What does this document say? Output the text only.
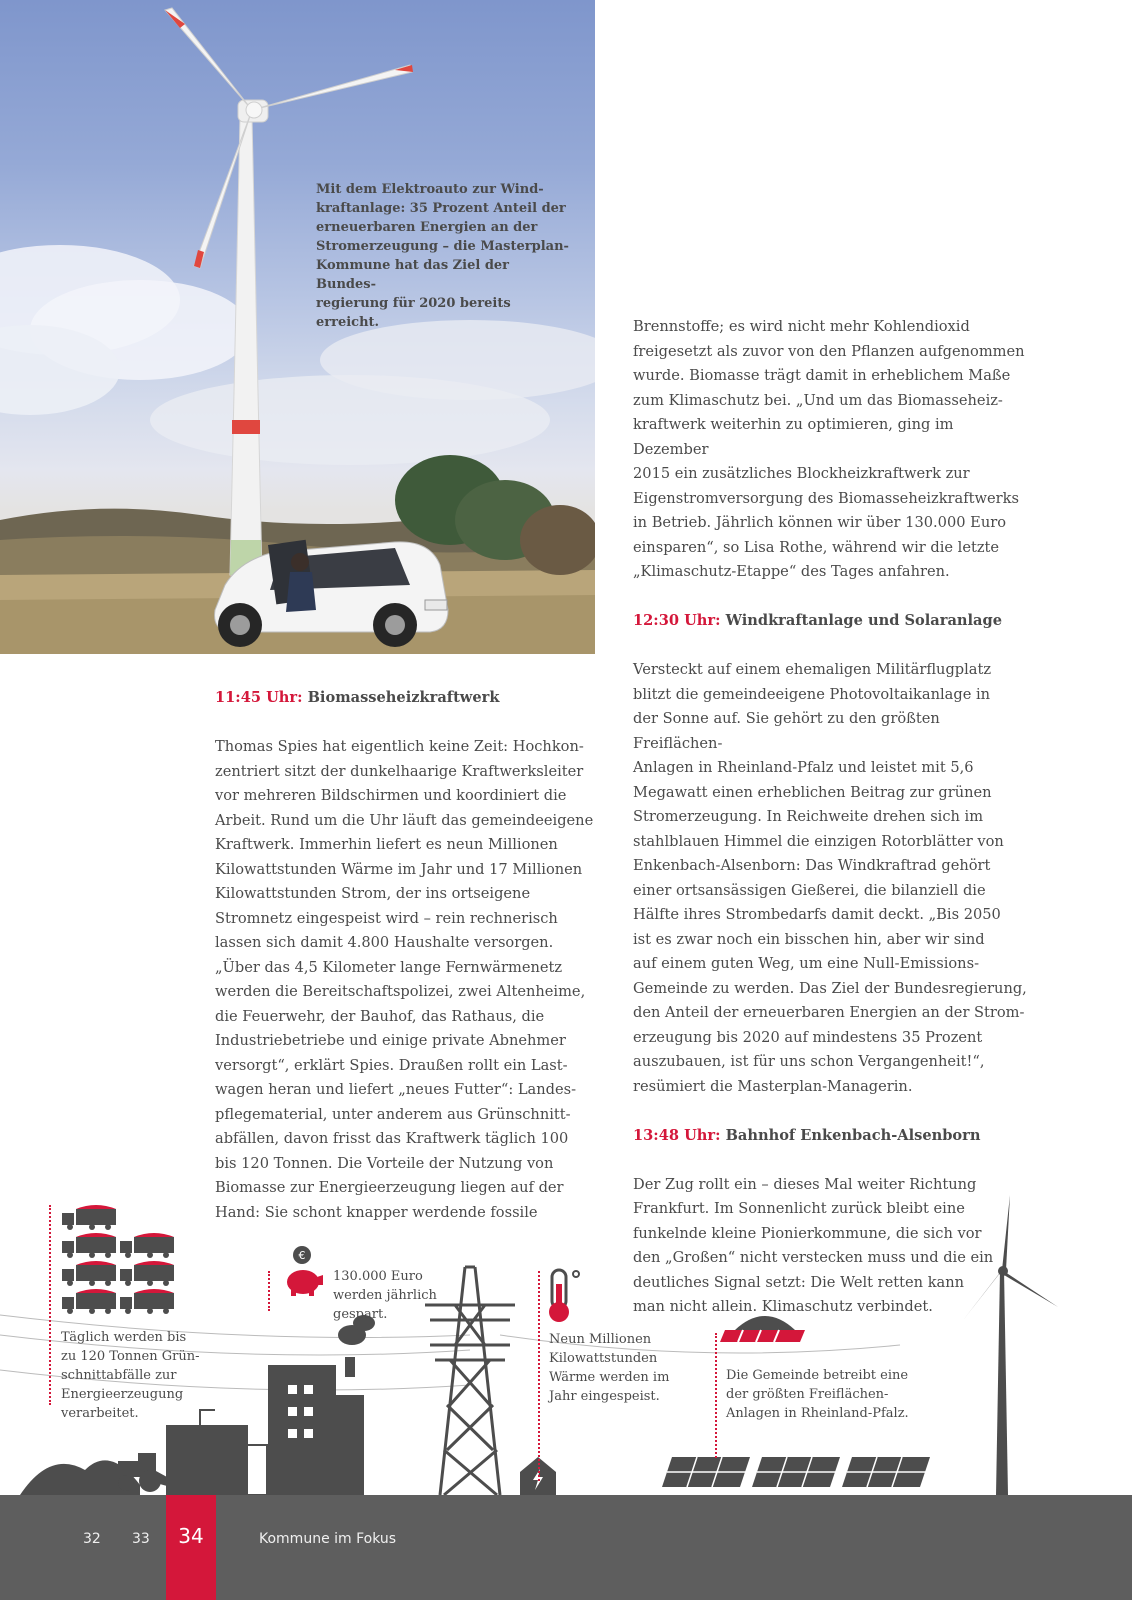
Mit dem Elektroauto zur Wind-
kraftanlage: 35 Prozent Anteil der
erneuerbaren Energien an der
Stromerzeugung – die Masterplan-
Kommune hat das Ziel der Bundes-
regierung für 2020 bereits erreicht.

11:45 Uhr: Biomasseheizkraftwerk

Thomas Spies hat eigentlich keine Zeit: Hochkon-
zentriert sitzt der dunkelhaarige Kraftwerksleiter
vor mehreren Bildschirmen und koordiniert die
Arbeit. Rund um die Uhr läuft das gemeindeeigene
Kraftwerk. Immerhin liefert es neun Millionen
Kilowattstunden Wärme im Jahr und 17 Millionen
Kilowattstunden Strom, der ins ortseigene
Stromnetz eingespeist wird – rein rechnerisch
lassen sich damit 4.800 Haushalte versorgen.
„Über das 4,5 Kilometer lange Fernwärmenetz
werden die Bereitschaftspolizei, zwei Altenheime,
die Feuerwehr, der Bauhof, das Rathaus, die
Industriebetriebe und einige private Abnehmer
versorgt“, erklärt Spies. Draußen rollt ein Last-
wagen heran und liefert „neues Futter“: Landes-
pflegematerial, unter anderem aus Grünschnitt-
abfällen, davon frisst das Kraftwerk täglich 100
bis 120 Tonnen. Die Vorteile der Nutzung von
Biomasse zur Energieerzeugung liegen auf der
Hand: Sie schont knapper werdende fossile

Brennstoffe; es wird nicht mehr Kohlendioxid
freigesetzt als zuvor von den Pflanzen aufgenommen
wurde. Biomasse trägt damit in erheblichem Maße
zum Klimaschutz bei. „Und um das Biomasseheiz-
kraftwerk weiterhin zu optimieren, ging im Dezember
2015 ein zusätzliches Blockheizkraftwerk zur
Eigenstromversorgung des Biomasseheizkraftwerks
in Betrieb. Jährlich können wir über 130.000 Euro
einsparen“, so Lisa Rothe, während wir die letzte
„Klimaschutz-Etappe“ des Tages anfahren.

12:30 Uhr: Windkraftanlage und Solaranlage

Versteckt auf einem ehemaligen Militärflugplatz
blitzt die gemeindeeigene Photovoltaikanlage in
der Sonne auf. Sie gehört zu den größten Freiflächen-
Anlagen in Rheinland-Pfalz und leistet mit 5,6
Megawatt einen erheblichen Beitrag zur grünen
Stromerzeugung. In Reichweite drehen sich im
stahlblauen Himmel die einzigen Rotorblätter von
Enkenbach-Alsenborn: Das Windkraftrad gehört
einer ortsansässigen Gießerei, die bilanziell die
Hälfte ihres Strombedarfs damit deckt. „Bis 2050
ist es zwar noch ein bisschen hin, aber wir sind
auf einem guten Weg, um eine Null-Emissions-
Gemeinde zu werden. Das Ziel der Bundesregierung,
den Anteil der erneuerbaren Energien an der Strom-
erzeugung bis 2020 auf mindestens 35 Prozent
auszubauen, ist für uns schon Vergangenheit!“,
resümiert die Masterplan-Managerin.

13:48 Uhr: Bahnhof Enkenbach-Alsenborn

Der Zug rollt ein – dieses Mal weiter Richtung
Frankfurt. Im Sonnenlicht zurück bleibt eine
funkelnde kleine Pionierkommune, die sich vor
den „Großen“ nicht verstecken muss und die ein
deutliches Signal setzt: Die Welt retten kann
man nicht allein. Klimaschutz verbindet.

€
Täglich werden bis
zu 120 Tonnen Grün-
schnittabfälle zur
Energieerzeugung
verarbeitet.
130.000 Euro
werden jährlich
gespart.
Neun Millionen
Kilowattstunden
Wärme werden im
Jahr eingespeist.
Die Gemeinde betreibt eine
der größten Freiflächen-
Anlagen in Rheinland-Pfalz.
32 33	34	Kommune im Fokus
